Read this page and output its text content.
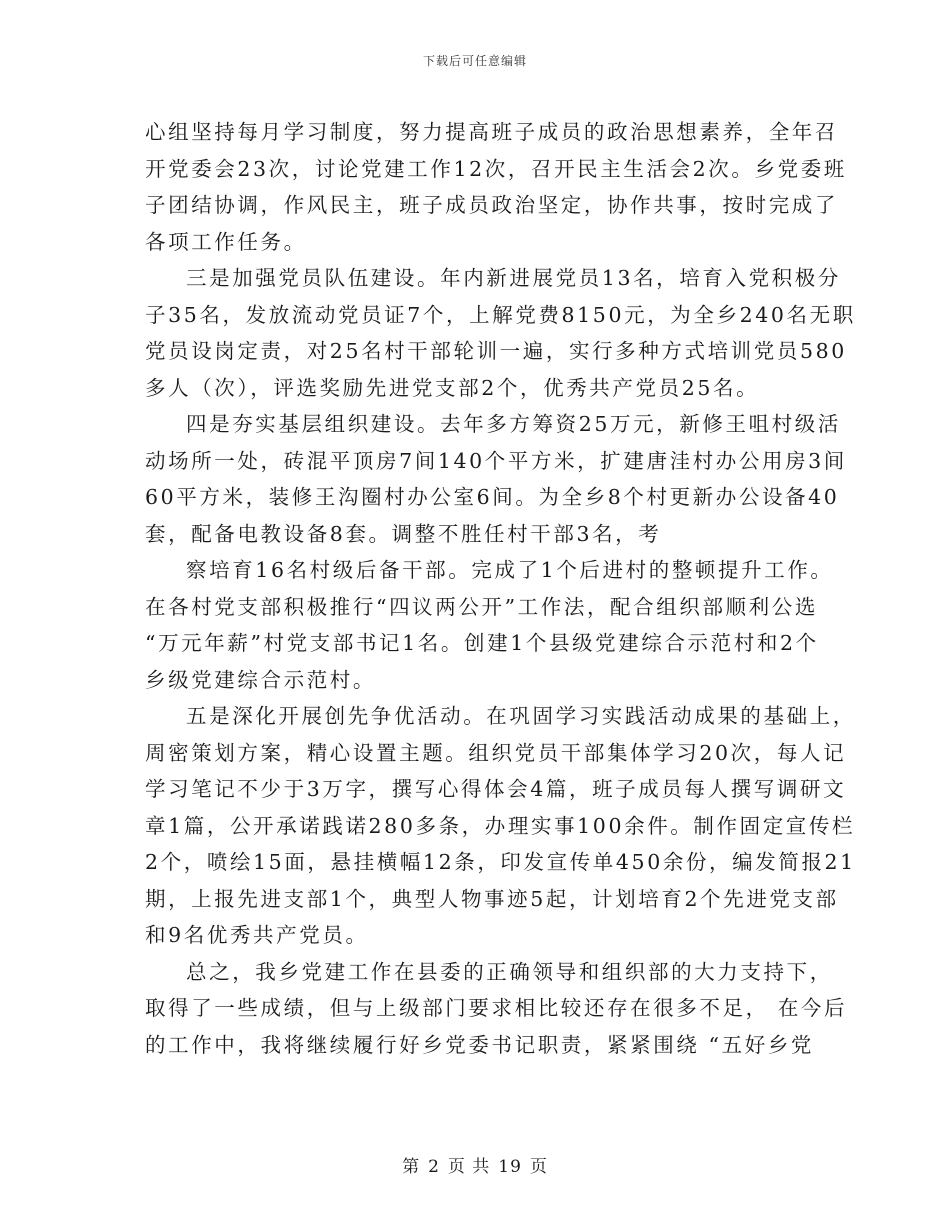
下载后可任意编辑
心组坚持每月学习制度，努力提高班子成员的政治思想素养，全年召
开党委会23次，讨论党建工作12次，召开民主生活会2次。乡党委班
子团结协调，作风民主，班子成员政治坚定，协作共事，按时完成了
各项工作任务。
三是加强党员队伍建设。年内新进展党员13名，培育入党积极分
子35名，发放流动党员证7个，上解党费8150元，为全乡240名无职
党员设岗定责，对25名村干部轮训一遍，实行多种方式培训党员580
多人（次），评选奖励先进党支部2个，优秀共产党员25名。
四是夯实基层组织建设。去年多方筹资25万元，新修王咀村级活
动场所一处，砖混平顶房7间140个平方米，扩建唐洼村办公用房3间
60平方米，装修王沟圈村办公室6间。为全乡8个村更新办公设备40
套，配备电教设备8套。调整不胜任村干部3名，考
察培育16名村级后备干部。完成了1个后进村的整顿提升工作。
在各村党支部积极推行“四议两公开”工作法，配合组织部顺利公选
“万元年薪”村党支部书记1名。创建1个县级党建综合示范村和2个
乡级党建综合示范村。
五是深化开展创先争优活动。在巩固学习实践活动成果的基础上，
周密策划方案，精心设置主题。组织党员干部集体学习20次，每人记
学习笔记不少于3万字，撰写心得体会4篇，班子成员每人撰写调研文
章1篇，公开承诺践诺280多条，办理实事100余件。制作固定宣传栏
2个，喷绘15面，悬挂横幅12条，印发宣传单450余份，编发简报21
期，上报先进支部1个，典型人物事迹5起，计划培育2个先进党支部
和9名优秀共产党员。
总之，我乡党建工作在县委的正确领导和组织部的大力支持下，
取得了一些成绩，但与上级部门要求相比较还存在很多不足， 在今后
的工作中，我将继续履行好乡党委书记职责，紧紧围绕 “五好乡党
第 2 页 共 19 页
